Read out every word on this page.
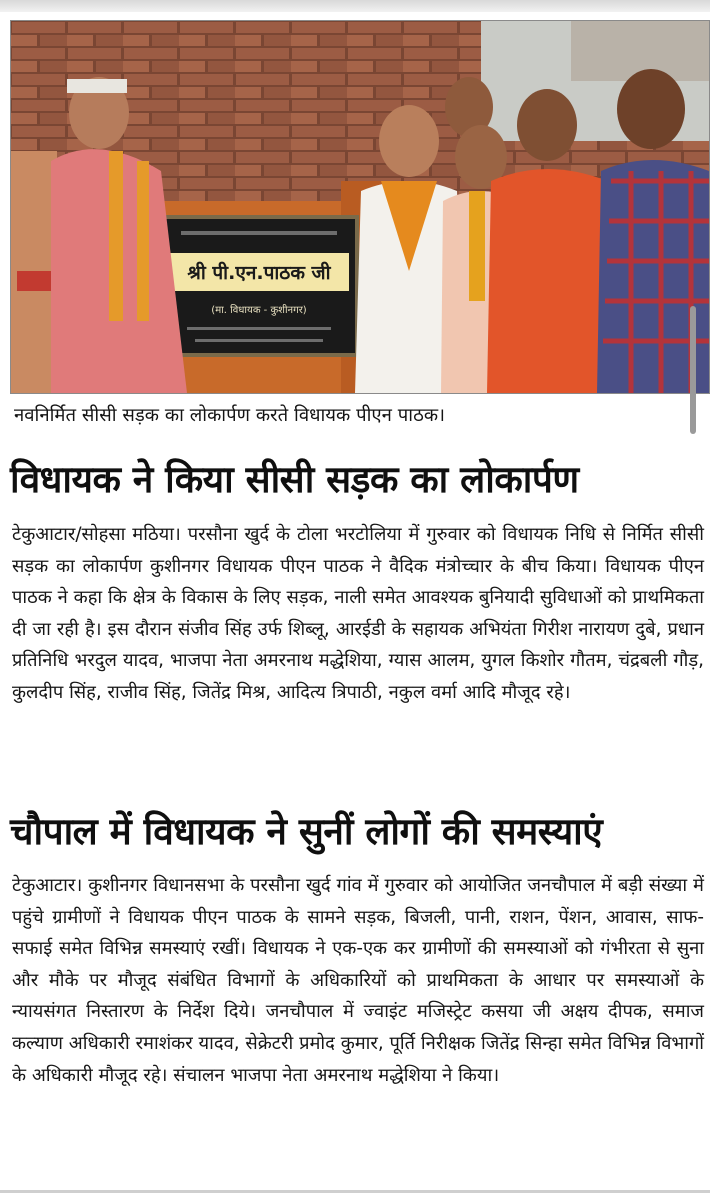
श्री पी.एन.पाठक जी
(मा. विधायक - कुशीनगर)
नवनिर्मित सीसी सड़क का लोकार्पण करते विधायक पीएन पाठक।
विधायक ने किया सीसी सड़क का लोकार्पण
टेकुआटार/सोहसा मठिया। परसौना खुर्द के टोला भरटोलिया में गुरुवार को विधायक निधि से निर्मित सीसी सड़क का लोकार्पण कुशीनगर विधायक पीएन पाठक ने वैदिक मंत्रोच्चार के बीच किया। विधायक पीएन पाठक ने कहा कि क्षेत्र के विकास के लिए सड़क, नाली समेत आवश्यक बुनियादी सुविधाओं को प्राथमिकता दी जा रही है। इस दौरान संजीव सिंह उर्फ शिब्लू, आरईडी के सहायक अभियंता गिरीश नारायण दुबे, प्रधान प्रतिनिधि भरदुल यादव, भाजपा नेता अमरनाथ मद्धेशिया, ग्यास आलम, युगल किशोर गौतम, चंद्रबली गौड़, कुलदीप सिंह, राजीव सिंह, जितेंद्र मिश्र, आदित्य त्रिपाठी, नकुल वर्मा आदि मौजूद रहे।
चौपाल में विधायक ने सुनीं लोगों की समस्याएं
टेकुआटार। कुशीनगर विधानसभा के परसौना खुर्द गांव में गुरुवार को आयोजित जनचौपाल में बड़ी संख्या में पहुंचे ग्रामीणों ने विधायक पीएन पाठक के सामने सड़क, बिजली, पानी, राशन, पेंशन, आवास, साफ-सफाई समेत विभिन्न समस्याएं रखीं। विधायक ने एक-एक कर ग्रामीणों की समस्याओं को गंभीरता से सुना और मौके पर मौजूद संबंधित विभागों के अधिकारियों को प्राथमिकता के आधार पर समस्याओं के न्यायसंगत निस्तारण के निर्देश दिये। जनचौपाल में ज्वाइंट मजिस्ट्रेट कसया जी अक्षय दीपक, समाज कल्याण अधिकारी रमाशंकर यादव, सेक्रेटरी प्रमोद कुमार, पूर्ति निरीक्षक जितेंद्र सिन्हा समेत विभिन्न विभागों के अधिकारी मौजूद रहे। संचालन भाजपा नेता अमरनाथ मद्धेशिया ने किया।
